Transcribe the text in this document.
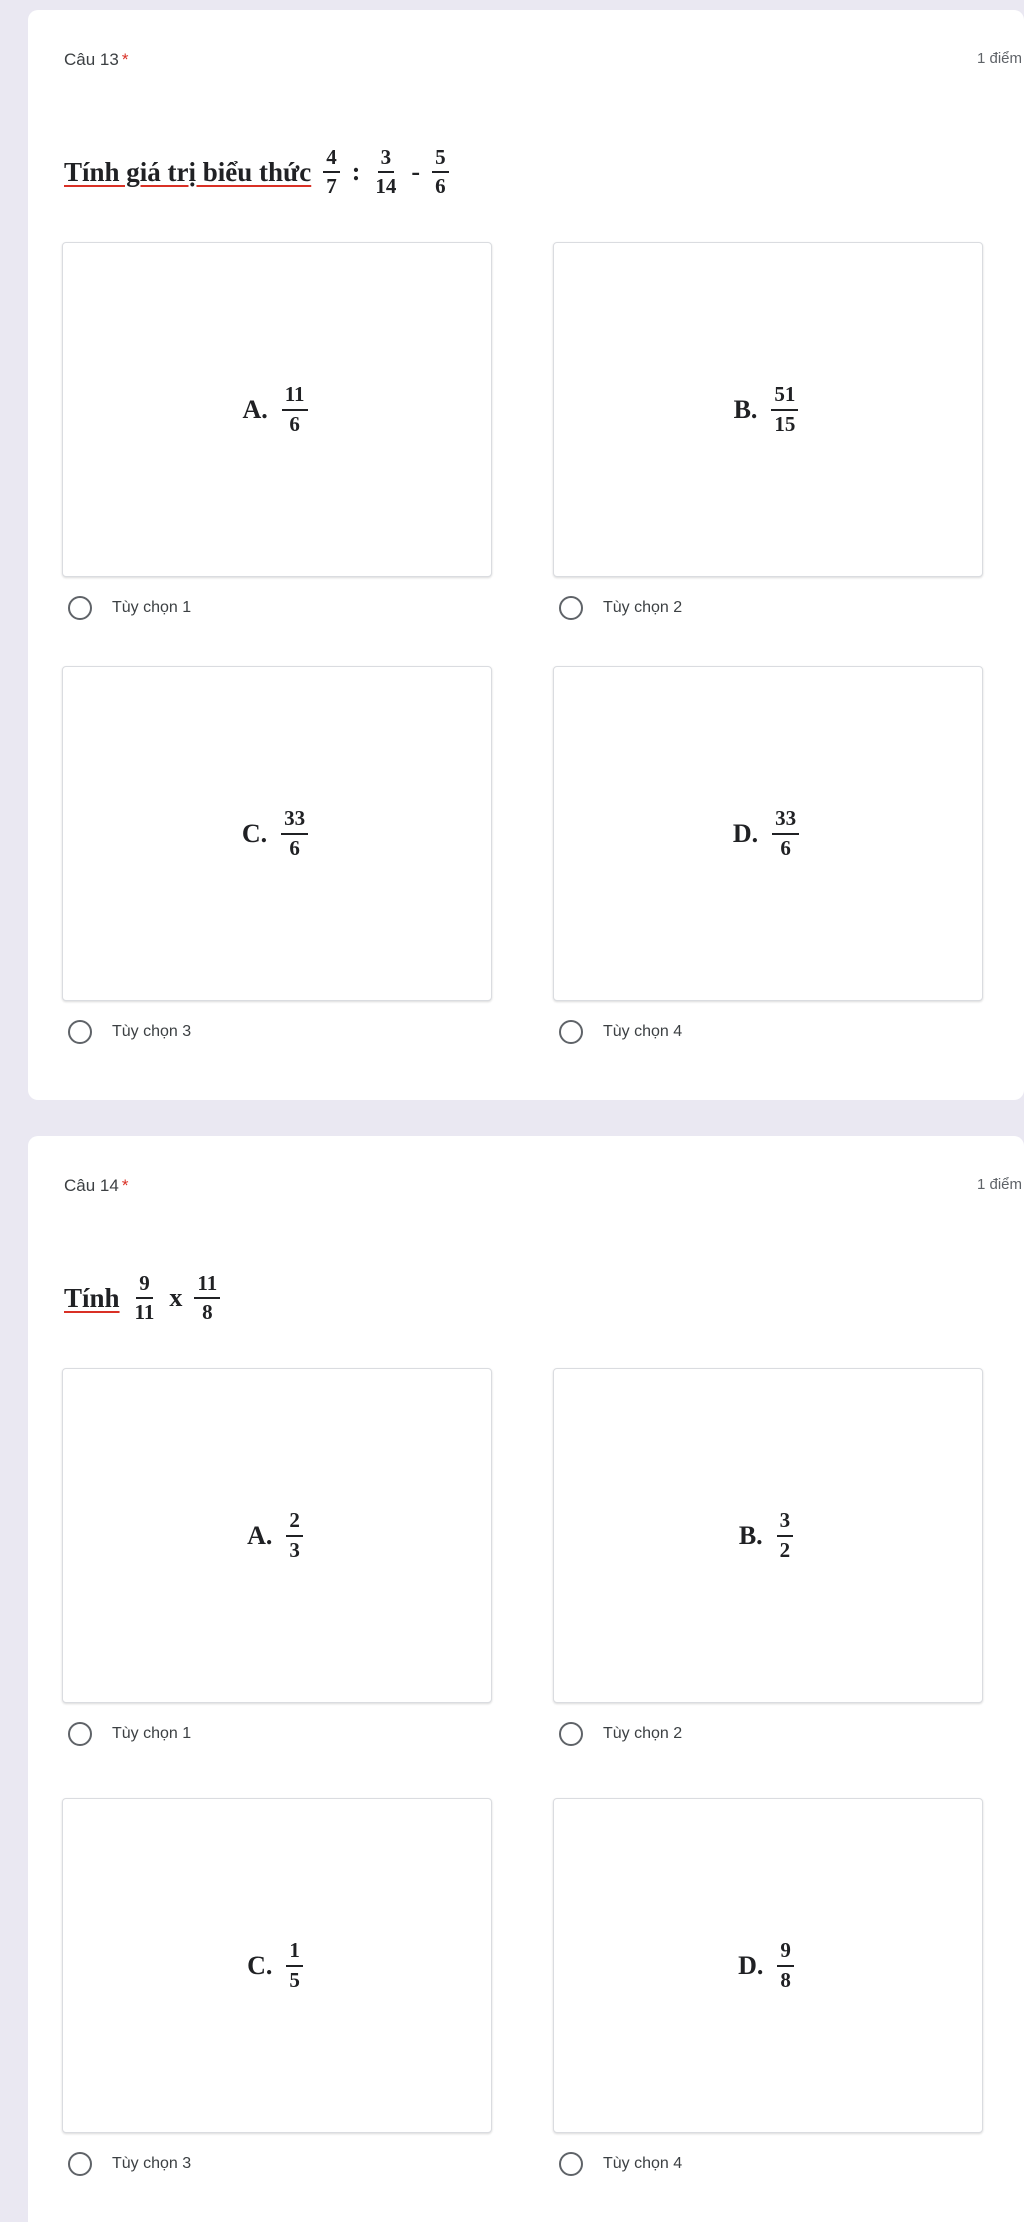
Câu 13 *	1 điểm
Tính giá trị biểu thức $\frac{4}{7}$ : $\frac{3}{14} - \frac{5}{6}$
A. $\frac{11}{6}$
Tùy chọn 1
B. $\frac{51}{15}$
Tùy chọn 2
C. $\frac{33}{6}$
Tùy chọn 3
D. $\frac{33}{6}$
Tùy chọn 4
Câu 14 *	1 điểm
Tính $\frac{9}{11}$ x $\frac{11}{8}$
A. $\frac{2}{3}$
Tùy chọn 1
B. $\frac{3}{2}$
Tùy chọn 2
C. $\frac{1}{5}$
Tùy chọn 3
D. $\frac{9}{8}$
Tùy chọn 4
